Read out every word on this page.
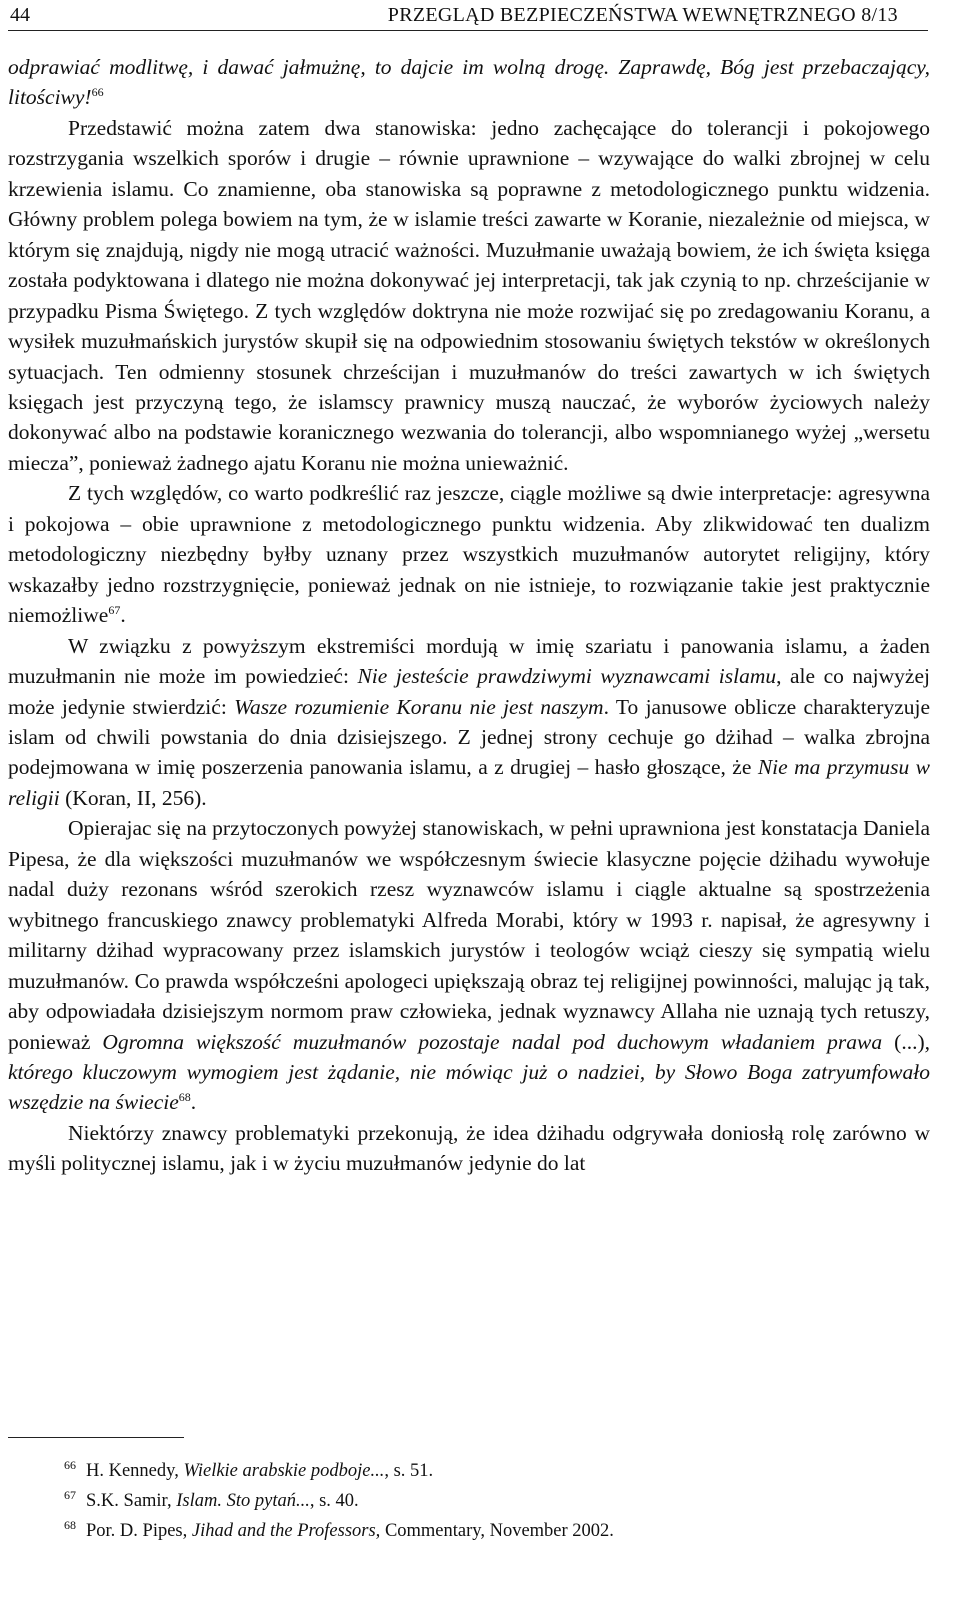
44	PRZEGLĄD BEZPIECZEŃSTWA WEWNĘTRZNEGO 8/13

odprawiać modlitwę, i dawać jałmużnę, to dajcie im wolną drogę. Zaprawdę, Bóg jest przebaczający, litościwy!$^{66}$

Przedstawić można zatem dwa stanowiska: jedno zachęcające do tolerancji i pokojowego rozstrzygania wszelkich sporów i drugie – równie uprawnione – wzywające do walki zbrojnej w celu krzewienia islamu. Co znamienne, oba stanowiska są poprawne z metodologicznego punktu widzenia. Główny problem polega bowiem na tym, że w islamie treści zawarte w Koranie, niezależnie od miejsca, w którym się znajdują, nigdy nie mogą utracić ważności. Muzułmanie uważają bowiem, że ich święta księga została podyktowana i dlatego nie można dokonywać jej interpretacji, tak jak czynią to np. chrześcijanie w przypadku Pisma Świętego. Z tych względów doktryna nie może rozwijać się po zredagowaniu Koranu, a wysiłek muzułmańskich jurystów skupił się na odpowiednim stosowaniu świętych tekstów w określonych sytuacjach. Ten odmienny stosunek chrześcijan i muzułmanów do treści zawartych w ich świętych księgach jest przyczyną tego, że islamscy prawnicy muszą nauczać, że wyborów życiowych należy dokonywać albo na podstawie koranicznego wezwania do tolerancji, albo wspomnianego wyżej „wersetu miecza”, ponieważ żadnego ajatu Koranu nie można unieważnić.

Z tych względów, co warto podkreślić raz jeszcze, ciągle możliwe są dwie interpretacje: agresywna i pokojowa – obie uprawnione z metodologicznego punktu widzenia. Aby zlikwidować ten dualizm metodologiczny niezbędny byłby uznany przez wszystkich muzułmanów autorytet religijny, który wskazałby jedno rozstrzygnięcie, ponieważ jednak on nie istnieje, to rozwiązanie takie jest praktycznie niemożliwe$^{67}$.

W związku z powyższym ekstremiści mordują w imię szariatu i panowania islamu, a żaden muzułmanin nie może im powiedzieć: Nie jesteście prawdziwymi wyznawcami islamu, ale co najwyżej może jedynie stwierdzić: Wasze rozumienie Koranu nie jest naszym. To janusowe oblicze charakteryzuje islam od chwili powstania do dnia dzisiejszego. Z jednej strony cechuje go dżihad – walka zbrojna podejmowana w imię poszerzenia panowania islamu, a z drugiej – hasło głoszące, że Nie ma przymusu w religii (Koran, II, 256).

Opierajac się na przytoczonych powyżej stanowiskach, w pełni uprawniona jest konstatacja Daniela Pipesa, że dla większości muzułmanów we współczesnym świecie klasyczne pojęcie dżihadu wywołuje nadal duży rezonans wśród szerokich rzesz wyznawców islamu i ciągle aktualne są spostrzeżenia wybitnego francuskiego znawcy problematyki Alfreda Morabi, który w 1993 r. napisał, że agresywny i militarny dżihad wypracowany przez islamskich jurystów i teologów wciąż cieszy się sympatią wielu muzułmanów. Co prawda współcześni apologeci upiększają obraz tej religijnej powinności, malując ją tak, aby odpowiadała dzisiejszym normom praw człowieka, jednak wyznawcy Allaha nie uznają tych retuszy, ponieważ Ogromna większość muzułmanów pozostaje nadal pod duchowym władaniem prawa (...), którego kluczowym wymogiem jest żądanie, nie mówiąc już o nadziei, by Słowo Boga zatryumfowało wszędzie na świecie$^{68}$.

Niektórzy znawcy problematyki przekonują, że idea dżihadu odgrywała doniosłą rolę zarówno w myśli politycznej islamu, jak i w życiu muzułmanów jedynie do lat

$^{66}$ H. Kennedy, Wielkie arabskie podboje..., s. 51.

$^{67}$ S.K. Samir, Islam. Sto pytań..., s. 40.

$^{68}$ Por. D. Pipes, Jihad and the Professors, Commentary, November 2002.
